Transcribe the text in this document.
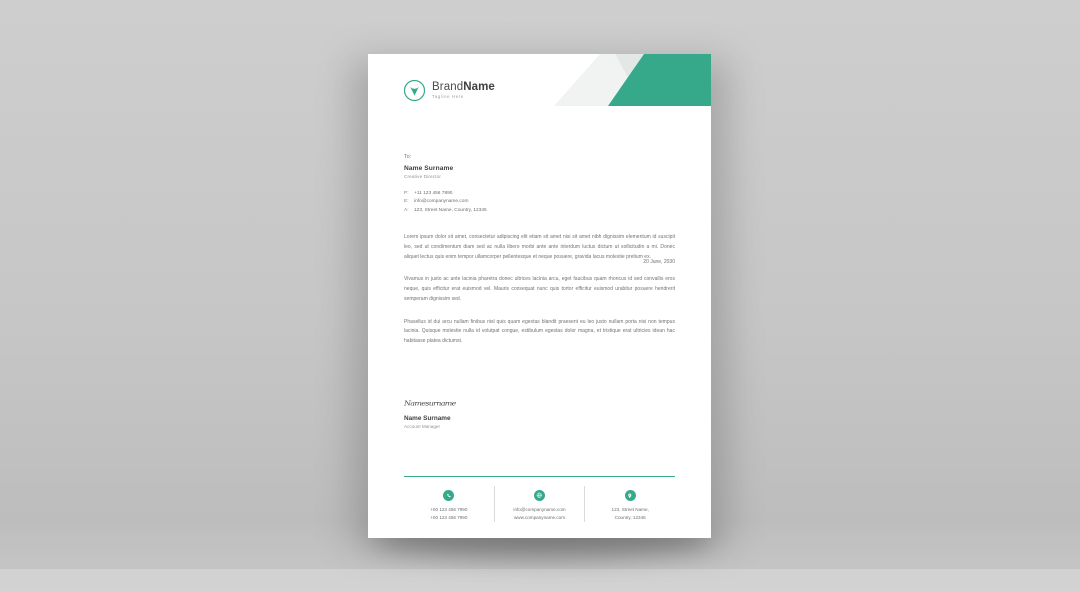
BrandName
Tagline Here
To:
Name Surname
Creative Director
P:	+11 123 456 7890
E:	info@companyname.com
A:	123, Street Name, Country, 12345
20 June, 2030

Lorem ipsum dolor sit amet, consectetur adipiscing elit etiam sit amet nisi sit amet nibh dignissim elementum id suscipit leo, sed ut condimentum diam sed ac nulla libero morbi ante ante interdum luctus dictum ut sollicitudin a mi. Donec aliquet lectus quis enim tempor ullamcorper pellentesque et neque posuere, gravida lacus molestie pretium ex.

Vivamus in justo ac ante lacinia pharetra donec ultrices lacinia arcu, eget faucibus quam rhoncus id sed convallis eros neque, quis efficitur erat euismod vel. Mauris consequat nunc quis tortor efficitur euismod urabitur posuere hendrerit semperam dignissim sed.

Phasellus id dui arcu nullam finibus nisl quis quam egestas blandit praesent eu leo justo nullam porta nisi non tempus lacinia. Quisque molestie nulla id volutpat congue, estibulum egestas dolor magna, et tristique erat ultricies idean hac habitasse platea dictumst.

Namesurname
Name Surname
Account Manager
+00 123 456 7890
+00 123 456 7890
info@companyname.com
www.companyname.com
123, Street Name,
Country, 12345
